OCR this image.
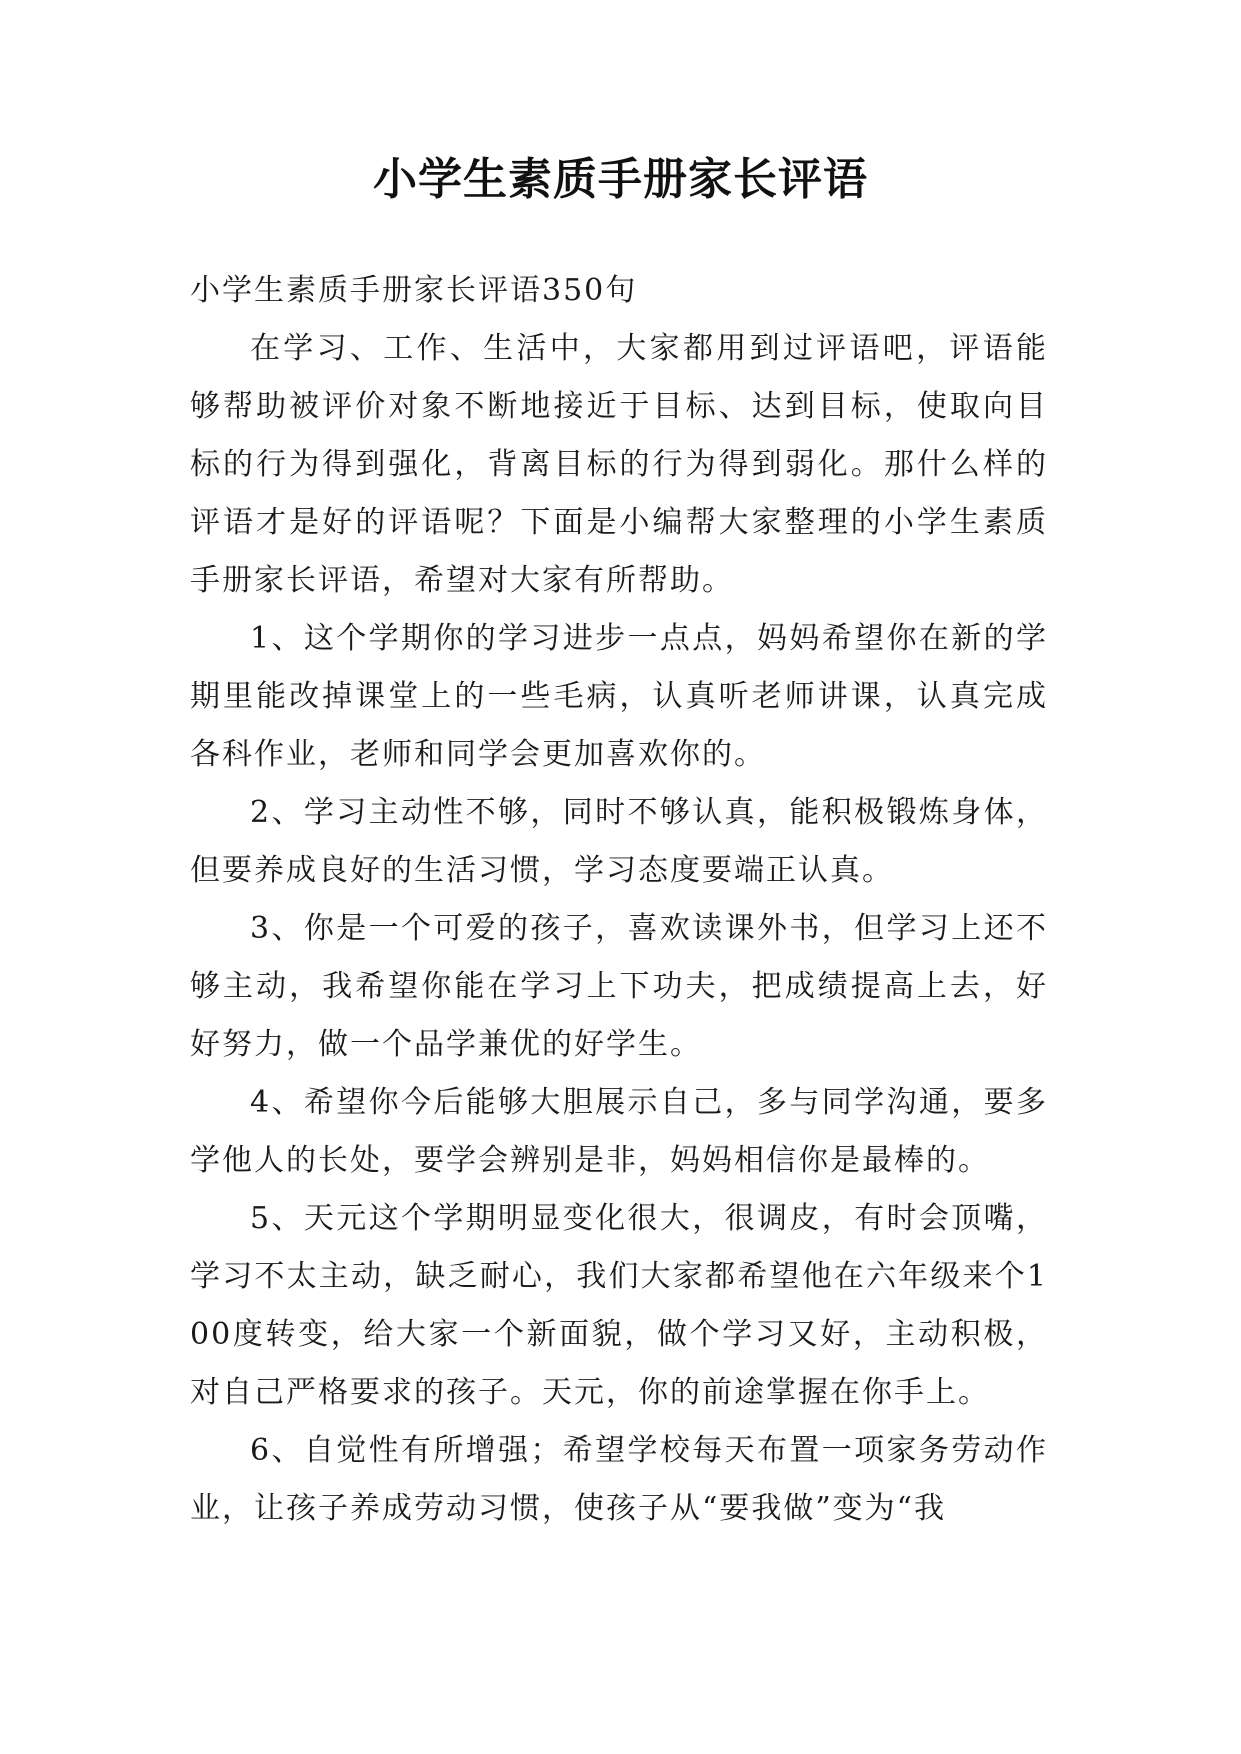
小学生素质手册家长评语

小学生素质手册家长评语350句

在学习、工作、生活中，大家都用到过评语吧，评语能够帮助被评价对象不断地接近于目标、达到目标，使取向目标的行为得到强化，背离目标的行为得到弱化。那什么样的评语才是好的评语呢？下面是小编帮大家整理的小学生素质手册家长评语，希望对大家有所帮助。

1、这个学期你的学习进步一点点，妈妈希望你在新的学期里能改掉课堂上的一些毛病，认真听老师讲课，认真完成各科作业，老师和同学会更加喜欢你的。

2、学习主动性不够，同时不够认真，能积极锻炼身体，但要养成良好的生活习惯，学习态度要端正认真。

3、你是一个可爱的孩子，喜欢读课外书，但学习上还不够主动，我希望你能在学习上下功夫，把成绩提高上去，好好努力，做一个品学兼优的好学生。

4、希望你今后能够大胆展示自己，多与同学沟通，要多学他人的长处，要学会辨别是非，妈妈相信你是最棒的。

5、天元这个学期明显变化很大，很调皮，有时会顶嘴，学习不太主动，缺乏耐心，我们大家都希望他在六年级来个100度转变，给大家一个新面貌，做个学习又好，主动积极，对自己严格要求的孩子。天元，你的前途掌握在你手上。

6、自觉性有所增强；希望学校每天布置一项家务劳动作业，让孩子养成劳动习惯，使孩子从“要我做”变为“我
